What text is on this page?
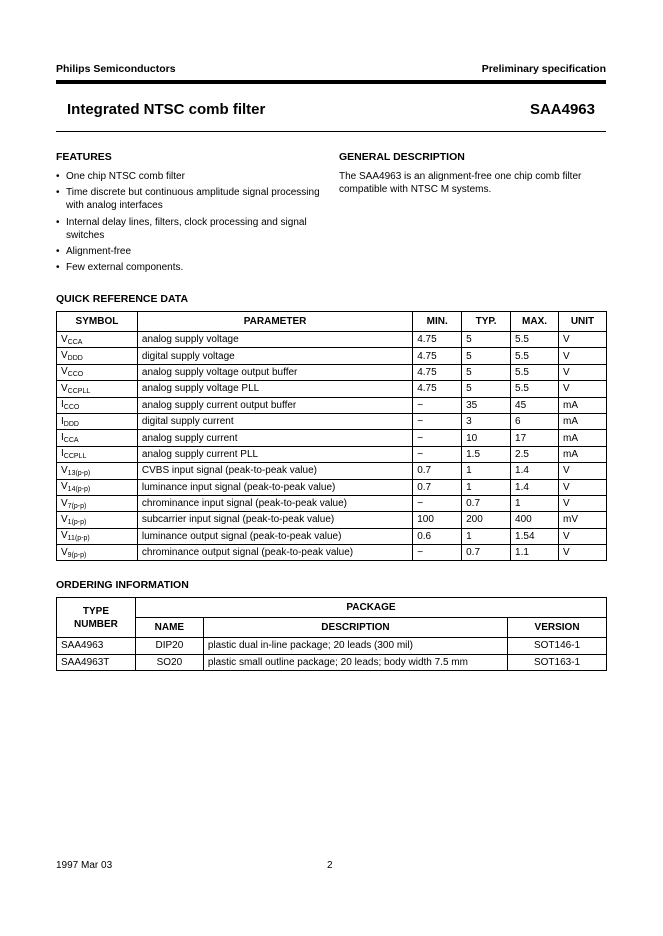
Philips Semiconductors	Preliminary specification
Integrated NTSC comb filter	SAA4963
FEATURES
• One chip NTSC comb filter
• Time discrete but continuous amplitude signal processing with analog interfaces
• Internal delay lines, filters, clock processing and signal switches
• Alignment-free
• Few external components.
GENERAL DESCRIPTION
The SAA4963 is an alignment-free one chip comb filter compatible with NTSC M systems.
QUICK REFERENCE DATA
SYMBOL	PARAMETER	MIN.	TYP.	MAX.	UNIT
$V_{CCA}$	analog supply voltage	4.75	5	5.5	V
$V_{DDD}$	digital supply voltage	4.75	5	5.5	V
$V_{CCO}$	analog supply voltage output buffer	4.75	5	5.5	V
$V_{CCPLL}$	analog supply voltage PLL	4.75	5	5.5	V
$I_{CCO}$	analog supply current output buffer	−	35	45	mA
$I_{DDD}$	digital supply current	−	3	6	mA
$I_{CCA}$	analog supply current	−	10	17	mA
$I_{CCPLL}$	analog supply current PLL	−	1.5	2.5	mA
$V_{13(p-p)}$	CVBS input signal (peak-to-peak value)	0.7	1	1.4	V
$V_{14(p-p)}$	luminance input signal (peak-to-peak value)	0.7	1	1.4	V
$V_{7(p-p)}$	chrominance input signal (peak-to-peak value)	−	0.7	1	V
$V_{1(p-p)}$	subcarrier input signal (peak-to-peak value)	100	200	400	mV
$V_{11(p-p)}$	luminance output signal (peak-to-peak value)	0.6	1	1.54	V
$V_{9(p-p)}$	chrominance output signal (peak-to-peak value)	−	0.7	1.1	V
ORDERING INFORMATION
TYPE NUMBER	PACKAGE		
	NAME	DESCRIPTION	VERSION
SAA4963	DIP20	plastic dual in-line package; 20 leads (300 mil)	SOT146-1
SAA4963T	SO20	plastic small outline package; 20 leads; body width 7.5 mm	SOT163-1
1997 Mar 03	2
